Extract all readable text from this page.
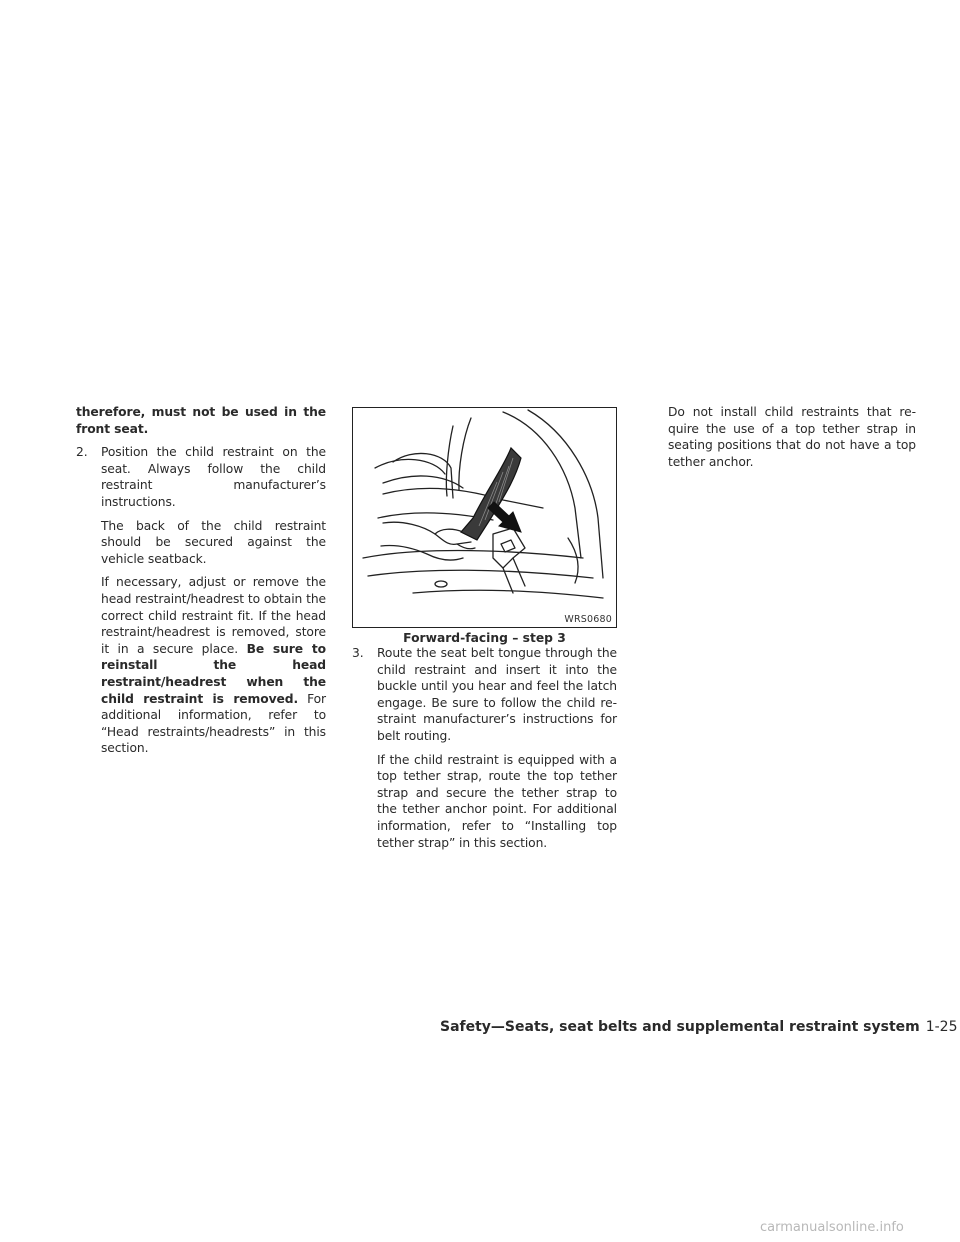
therefore, must not be used in the front seat.

2. Position the child restraint on the seat. Always follow the child restraint manufacturer’s instructions.

The back of the child restraint should be secured against the vehicle seatback.

If necessary, adjust or remove the head restraint/headrest to obtain the correct child restraint fit. If the head restraint/headrest is removed, store it in a secure place. Be sure to reinstall the head restraint/headrest when the child restraint is removed. For additional information, refer to “Head restraints/headrests” in this section.

WRS0680
Forward-facing – step 3
3. Route the seat belt tongue through the child restraint and insert it into the buckle until you hear and feel the latch engage. Be sure to follow the child restraint manufacturer’s instructions for belt routing.

If the child restraint is equipped with a top tether strap, route the top tether strap and secure the tether strap to the tether anchor point. For additional information, refer to “Installing top tether strap” in this section.

Do not install child restraints that require the use of a top tether strap in seating positions that do not have a top tether anchor.

Safety—Seats, seat belts and supplemental restraint system 1-25
carmanualsonline.info
